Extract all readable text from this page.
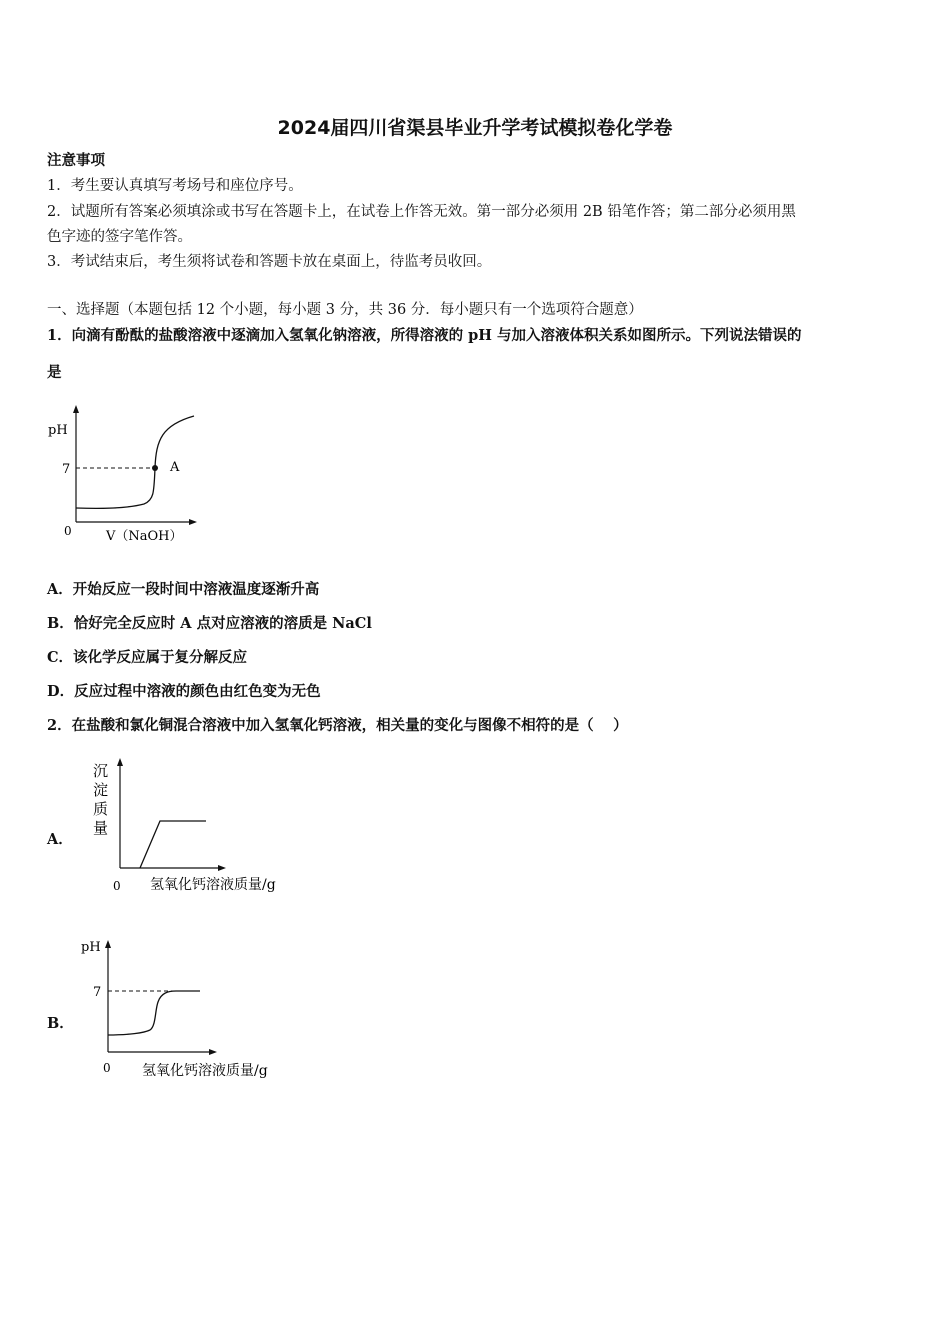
2024届四川省渠县毕业升学考试模拟卷化学卷
注意事项
1．考生要认真填写考场号和座位序号。
2．试题所有答案必须填涂或书写在答题卡上，在试卷上作答无效。第一部分必须用 2B 铅笔作答；第二部分必须用黑
色字迹的签字笔作答。
3．考试结束后，考生须将试卷和答题卡放在桌面上，待监考员收回。
一、选择题（本题包括 12 个小题，每小题 3 分，共 36 分．每小题只有一个选项符合题意）
1．向滴有酚酞的盐酸溶液中逐滴加入氢氧化钠溶液，所得溶液的 pH 与加入溶液体积关系如图所示。下列说法错误的
是
pH
7
0
A
V（NaOH）
A．开始反应一段时间中溶液温度逐渐升高
B．恰好完全反应时 A 点对应溶液的溶质是 NaCl
C．该化学反应属于复分解反应
D．反应过程中溶液的颜色由红色变为无色
2．在盐酸和氯化铜混合溶液中加入氢氧化钙溶液，相关量的变化与图像不相符的是（　 ）
A．
沉
淀
质
量
0 氢氧化钙溶液质量/g
B．
pH
7
0 氢氧化钙溶液质量/g
